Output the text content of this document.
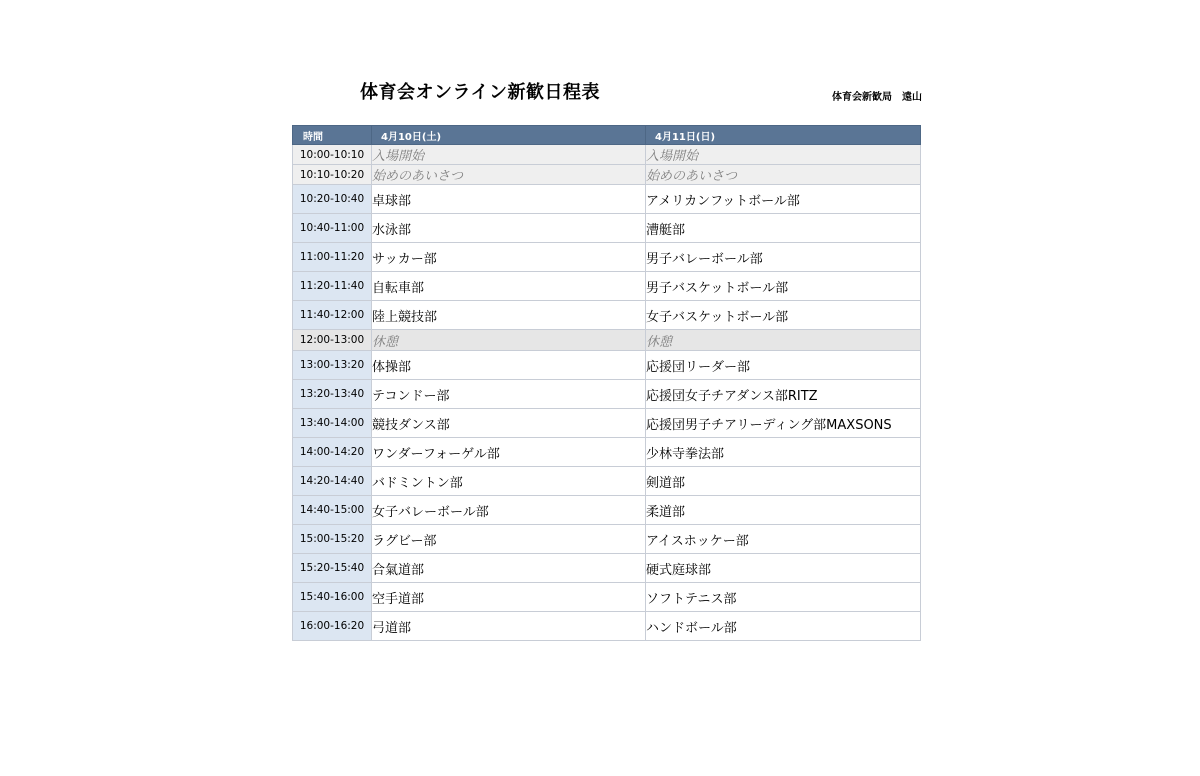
体育会オンライン新歓日程表	体育会新歓局 遠山
時間	4月10日(土)	4月11日(日)
10:00-10:10	入場開始	入場開始
10:10-10:20	始めのあいさつ	始めのあいさつ
10:20-10:40	卓球部	アメリカンフットボール部
10:40-11:00	水泳部	漕艇部
11:00-11:20	サッカー部	男子バレーボール部
11:20-11:40	自転車部	男子バスケットボール部
11:40-12:00	陸上競技部	女子バスケットボール部
12:00-13:00	休憩	休憩
13:00-13:20	体操部	応援団リーダー部
13:20-13:40	テコンドー部	応援団女子チアダンス部RITZ
13:40-14:00	競技ダンス部	応援団男子チアリーディング部MAXSONS
14:00-14:20	ワンダーフォーゲル部	少林寺拳法部
14:20-14:40	バドミントン部	剣道部
14:40-15:00	女子バレーボール部	柔道部
15:00-15:20	ラグビー部	アイスホッケー部
15:20-15:40	合氣道部	硬式庭球部
15:40-16:00	空手道部	ソフトテニス部
16:00-16:20	弓道部	ハンドボール部
